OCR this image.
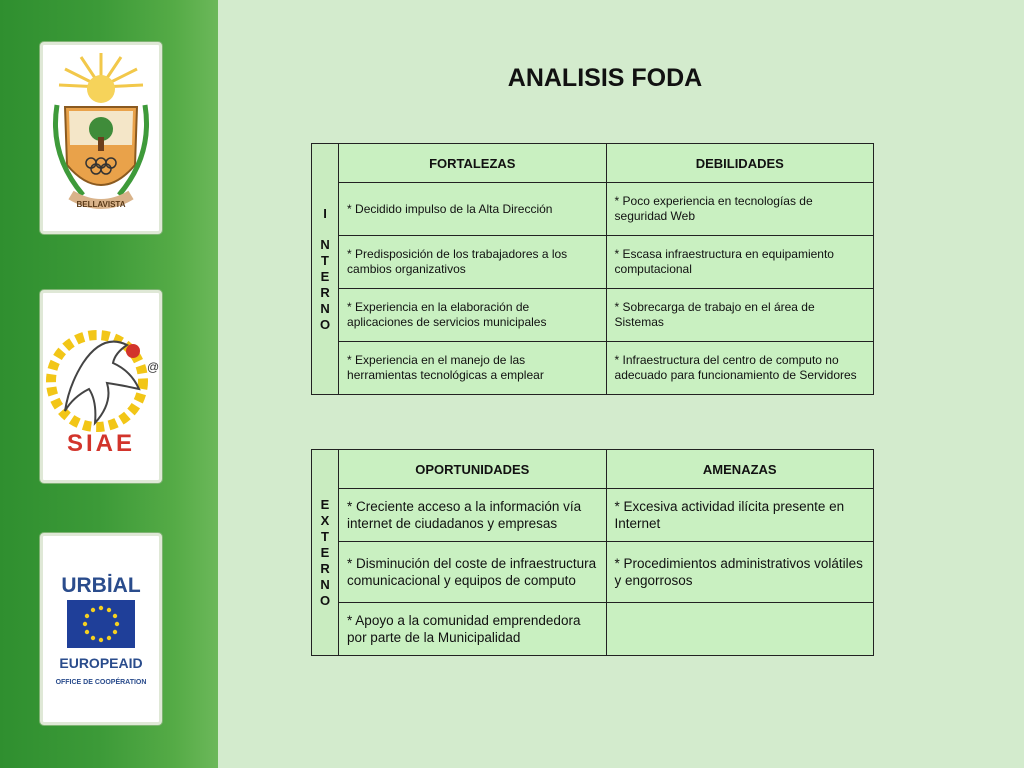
BELLAVISTA
@
SIAE
URBİAL
EUROPEAID
OFFICE DE COOPÉRATION
ANALISIS FODA
I

NTERNO	FORTALEZAS	DEBILIDADES
	* Decidido impulso de la Alta Dirección	* Poco experiencia en tecnologías de seguridad Web
	* Predisposición de los trabajadores a los cambios organizativos	* Escasa infraestructura en equipamiento computacional
	* Experiencia en la elaboración de aplicaciones de servicios municipales	* Sobrecarga de trabajo en el área de Sistemas
	* Experiencia en el manejo de las herramientas tecnológicas a emplear	* Infraestructura del centro de computo no adecuado para funcionamiento de Servidores
EXTERNO	OPORTUNIDADES	AMENAZAS
	* Creciente acceso a la información vía internet de ciudadanos y empresas	* Excesiva actividad ilícita presente en Internet
	* Disminución del coste de infraestructura comunicacional y equipos de computo	* Procedimientos administrativos volátiles y engorrosos
	* Apoyo a la comunidad emprendedora por parte de la Municipalidad	
